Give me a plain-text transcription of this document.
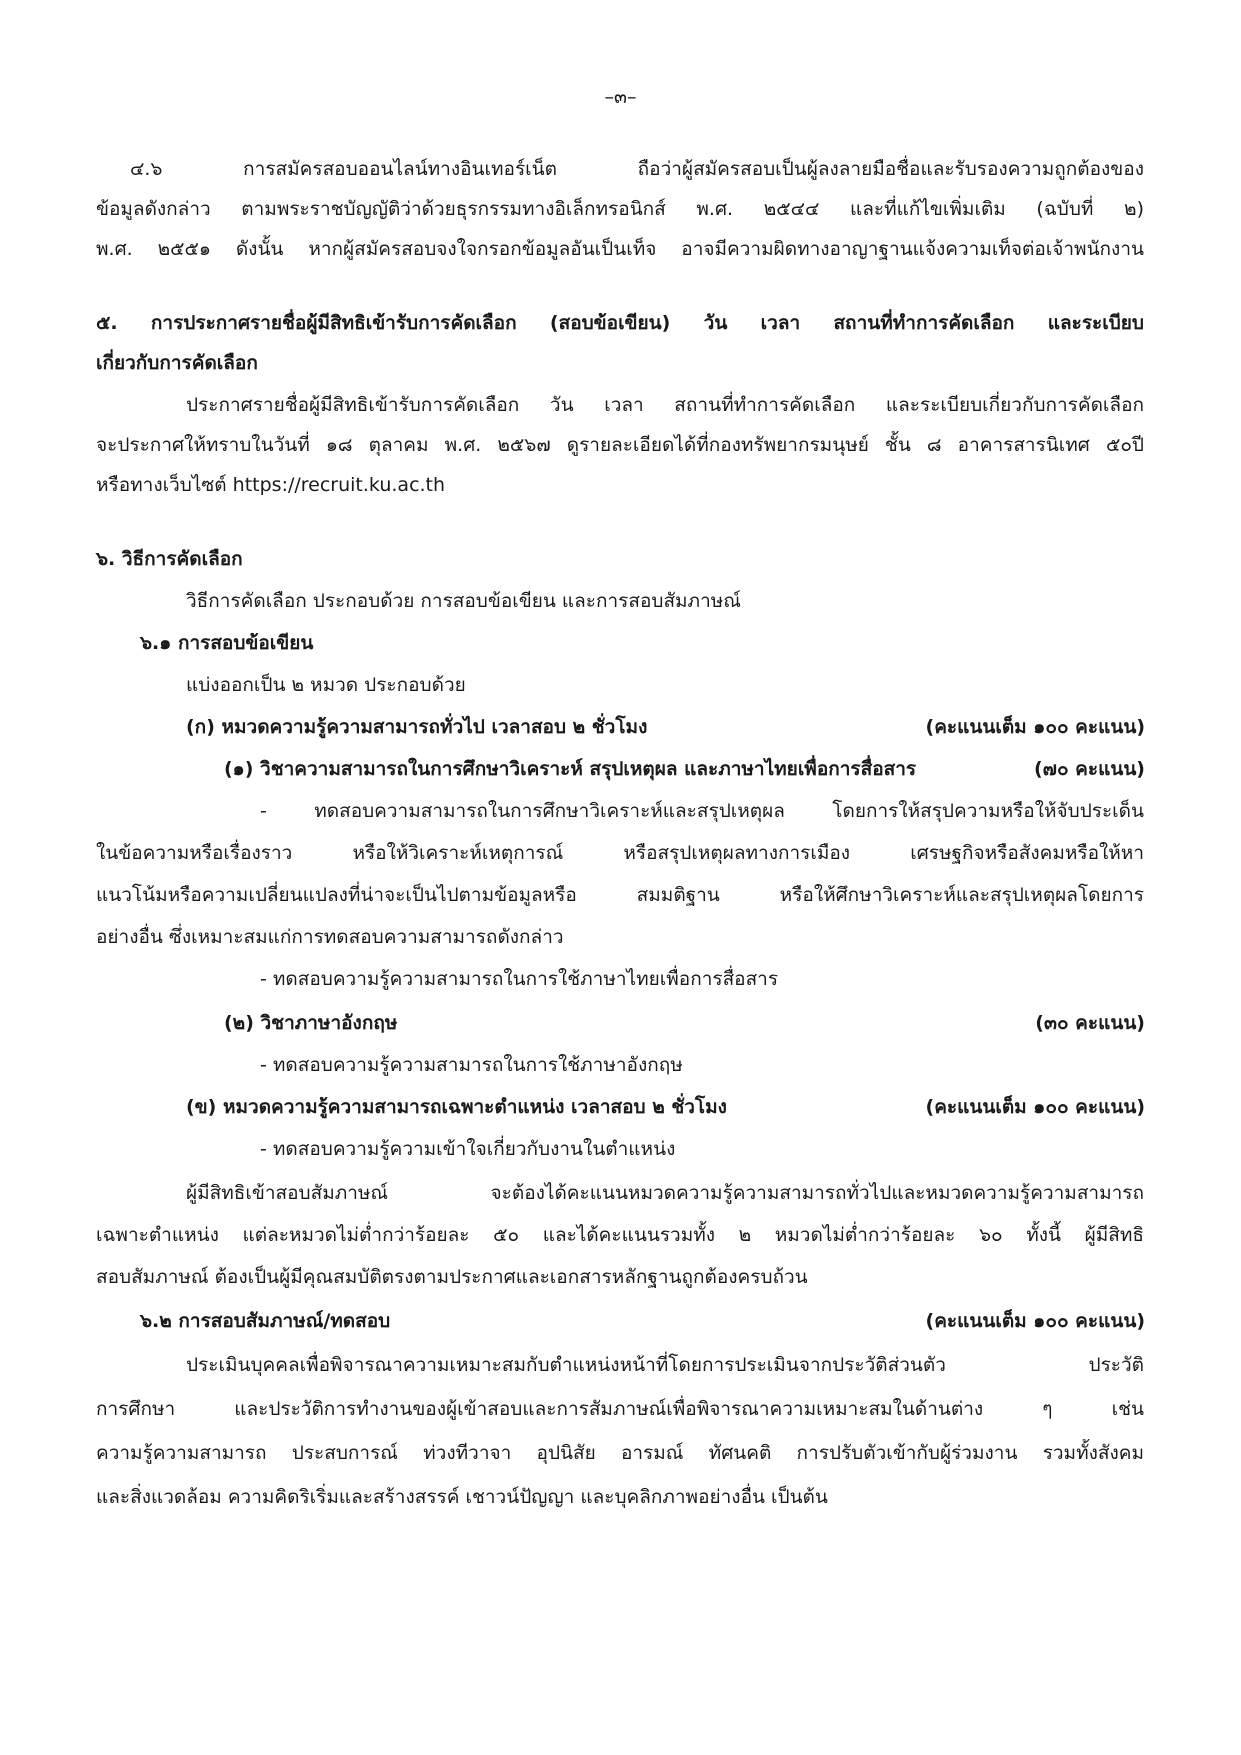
–๓–
๔.๖ การสมัครสอบออนไลน์ทางอินเทอร์เน็ต ถือว่าผู้สมัครสอบเป็นผู้ลงลายมือชื่อและรับรองความถูกต้องของ
ข้อมูลดังกล่าว ตามพระราชบัญญัติว่าด้วยธุรกรรมทางอิเล็กทรอนิกส์ พ.ศ. ๒๕๔๔ และที่แก้ไขเพิ่มเติม (ฉบับที่ ๒)
พ.ศ. ๒๕๕๑ ดังนั้น หากผู้สมัครสอบจงใจกรอกข้อมูลอันเป็นเท็จ อาจมีความผิดทางอาญาฐานแจ้งความเท็จต่อเจ้าพนักงาน
๕. การประกาศรายชื่อผู้มีสิทธิเข้ารับการคัดเลือก (สอบข้อเขียน) วัน เวลา สถานที่ทำการคัดเลือก และระเบียบ
เกี่ยวกับการคัดเลือก
ประกาศรายชื่อผู้มีสิทธิเข้ารับการคัดเลือก วัน เวลา สถานที่ทำการคัดเลือก และระเบียบเกี่ยวกับการคัดเลือก
จะประกาศให้ทราบในวันที่ ๑๘ ตุลาคม พ.ศ. ๒๕๖๗ ดูรายละเอียดได้ที่กองทรัพยากรมนุษย์ ชั้น ๘ อาคารสารนิเทศ ๕๐ปี
หรือทางเว็บไซต์ https://recruit.ku.ac.th
๖. วิธีการคัดเลือก
วิธีการคัดเลือก ประกอบด้วย การสอบข้อเขียน และการสอบสัมภาษณ์
๖.๑ การสอบข้อเขียน
แบ่งออกเป็น ๒ หมวด ประกอบด้วย
(ก) หมวดความรู้ความสามารถทั่วไป เวลาสอบ ๒ ชั่วโมง	(คะแนนเต็ม ๑๐๐ คะแนน)
(๑) วิชาความสามารถในการศึกษาวิเคราะห์ สรุปเหตุผล และภาษาไทยเพื่อการสื่อสาร	(๗๐ คะแนน)
- ทดสอบความสามารถในการศึกษาวิเคราะห์และสรุปเหตุผล โดยการให้สรุปความหรือให้จับประเด็น
ในข้อความหรือเรื่องราว หรือให้วิเคราะห์เหตุการณ์ หรือสรุปเหตุผลทางการเมือง เศรษฐกิจหรือสังคมหรือให้หา
แนวโน้มหรือความเปลี่ยนแปลงที่น่าจะเป็นไปตามข้อมูลหรือ สมมติฐาน หรือให้ศึกษาวิเคราะห์และสรุปเหตุผลโดยการ
อย่างอื่น ซึ่งเหมาะสมแก่การทดสอบความสามารถดังกล่าว
- ทดสอบความรู้ความสามารถในการใช้ภาษาไทยเพื่อการสื่อสาร
(๒) วิชาภาษาอังกฤษ	(๓๐ คะแนน)
- ทดสอบความรู้ความสามารถในการใช้ภาษาอังกฤษ
(ข) หมวดความรู้ความสามารถเฉพาะตำแหน่ง เวลาสอบ ๒ ชั่วโมง	(คะแนนเต็ม ๑๐๐ คะแนน)
- ทดสอบความรู้ความเข้าใจเกี่ยวกับงานในตำแหน่ง
ผู้มีสิทธิเข้าสอบสัมภาษณ์ จะต้องได้คะแนนหมวดความรู้ความสามารถทั่วไปและหมวดความรู้ความสามารถ
เฉพาะตำแหน่ง แต่ละหมวดไม่ต่ำกว่าร้อยละ ๕๐ และได้คะแนนรวมทั้ง ๒ หมวดไม่ต่ำกว่าร้อยละ ๖๐ ทั้งนี้ ผู้มีสิทธิ
สอบสัมภาษณ์ ต้องเป็นผู้มีคุณสมบัติตรงตามประกาศและเอกสารหลักฐานถูกต้องครบถ้วน
๖.๒ การสอบสัมภาษณ์/ทดสอบ	(คะแนนเต็ม ๑๐๐ คะแนน)
ประเมินบุคคลเพื่อพิจารณาความเหมาะสมกับตำแหน่งหน้าที่โดยการประเมินจากประวัติส่วนตัว ประวัติ
การศึกษา และประวัติการทำงานของผู้เข้าสอบและการสัมภาษณ์เพื่อพิจารณาความเหมาะสมในด้านต่าง ๆ เช่น
ความรู้ความสามารถ ประสบการณ์ ท่วงทีวาจา อุปนิสัย อารมณ์ ทัศนคติ การปรับตัวเข้ากับผู้ร่วมงาน รวมทั้งสังคม
และสิ่งแวดล้อม ความคิดริเริ่มและสร้างสรรค์ เชาวน์ปัญญา และบุคลิกภาพอย่างอื่น เป็นต้น
